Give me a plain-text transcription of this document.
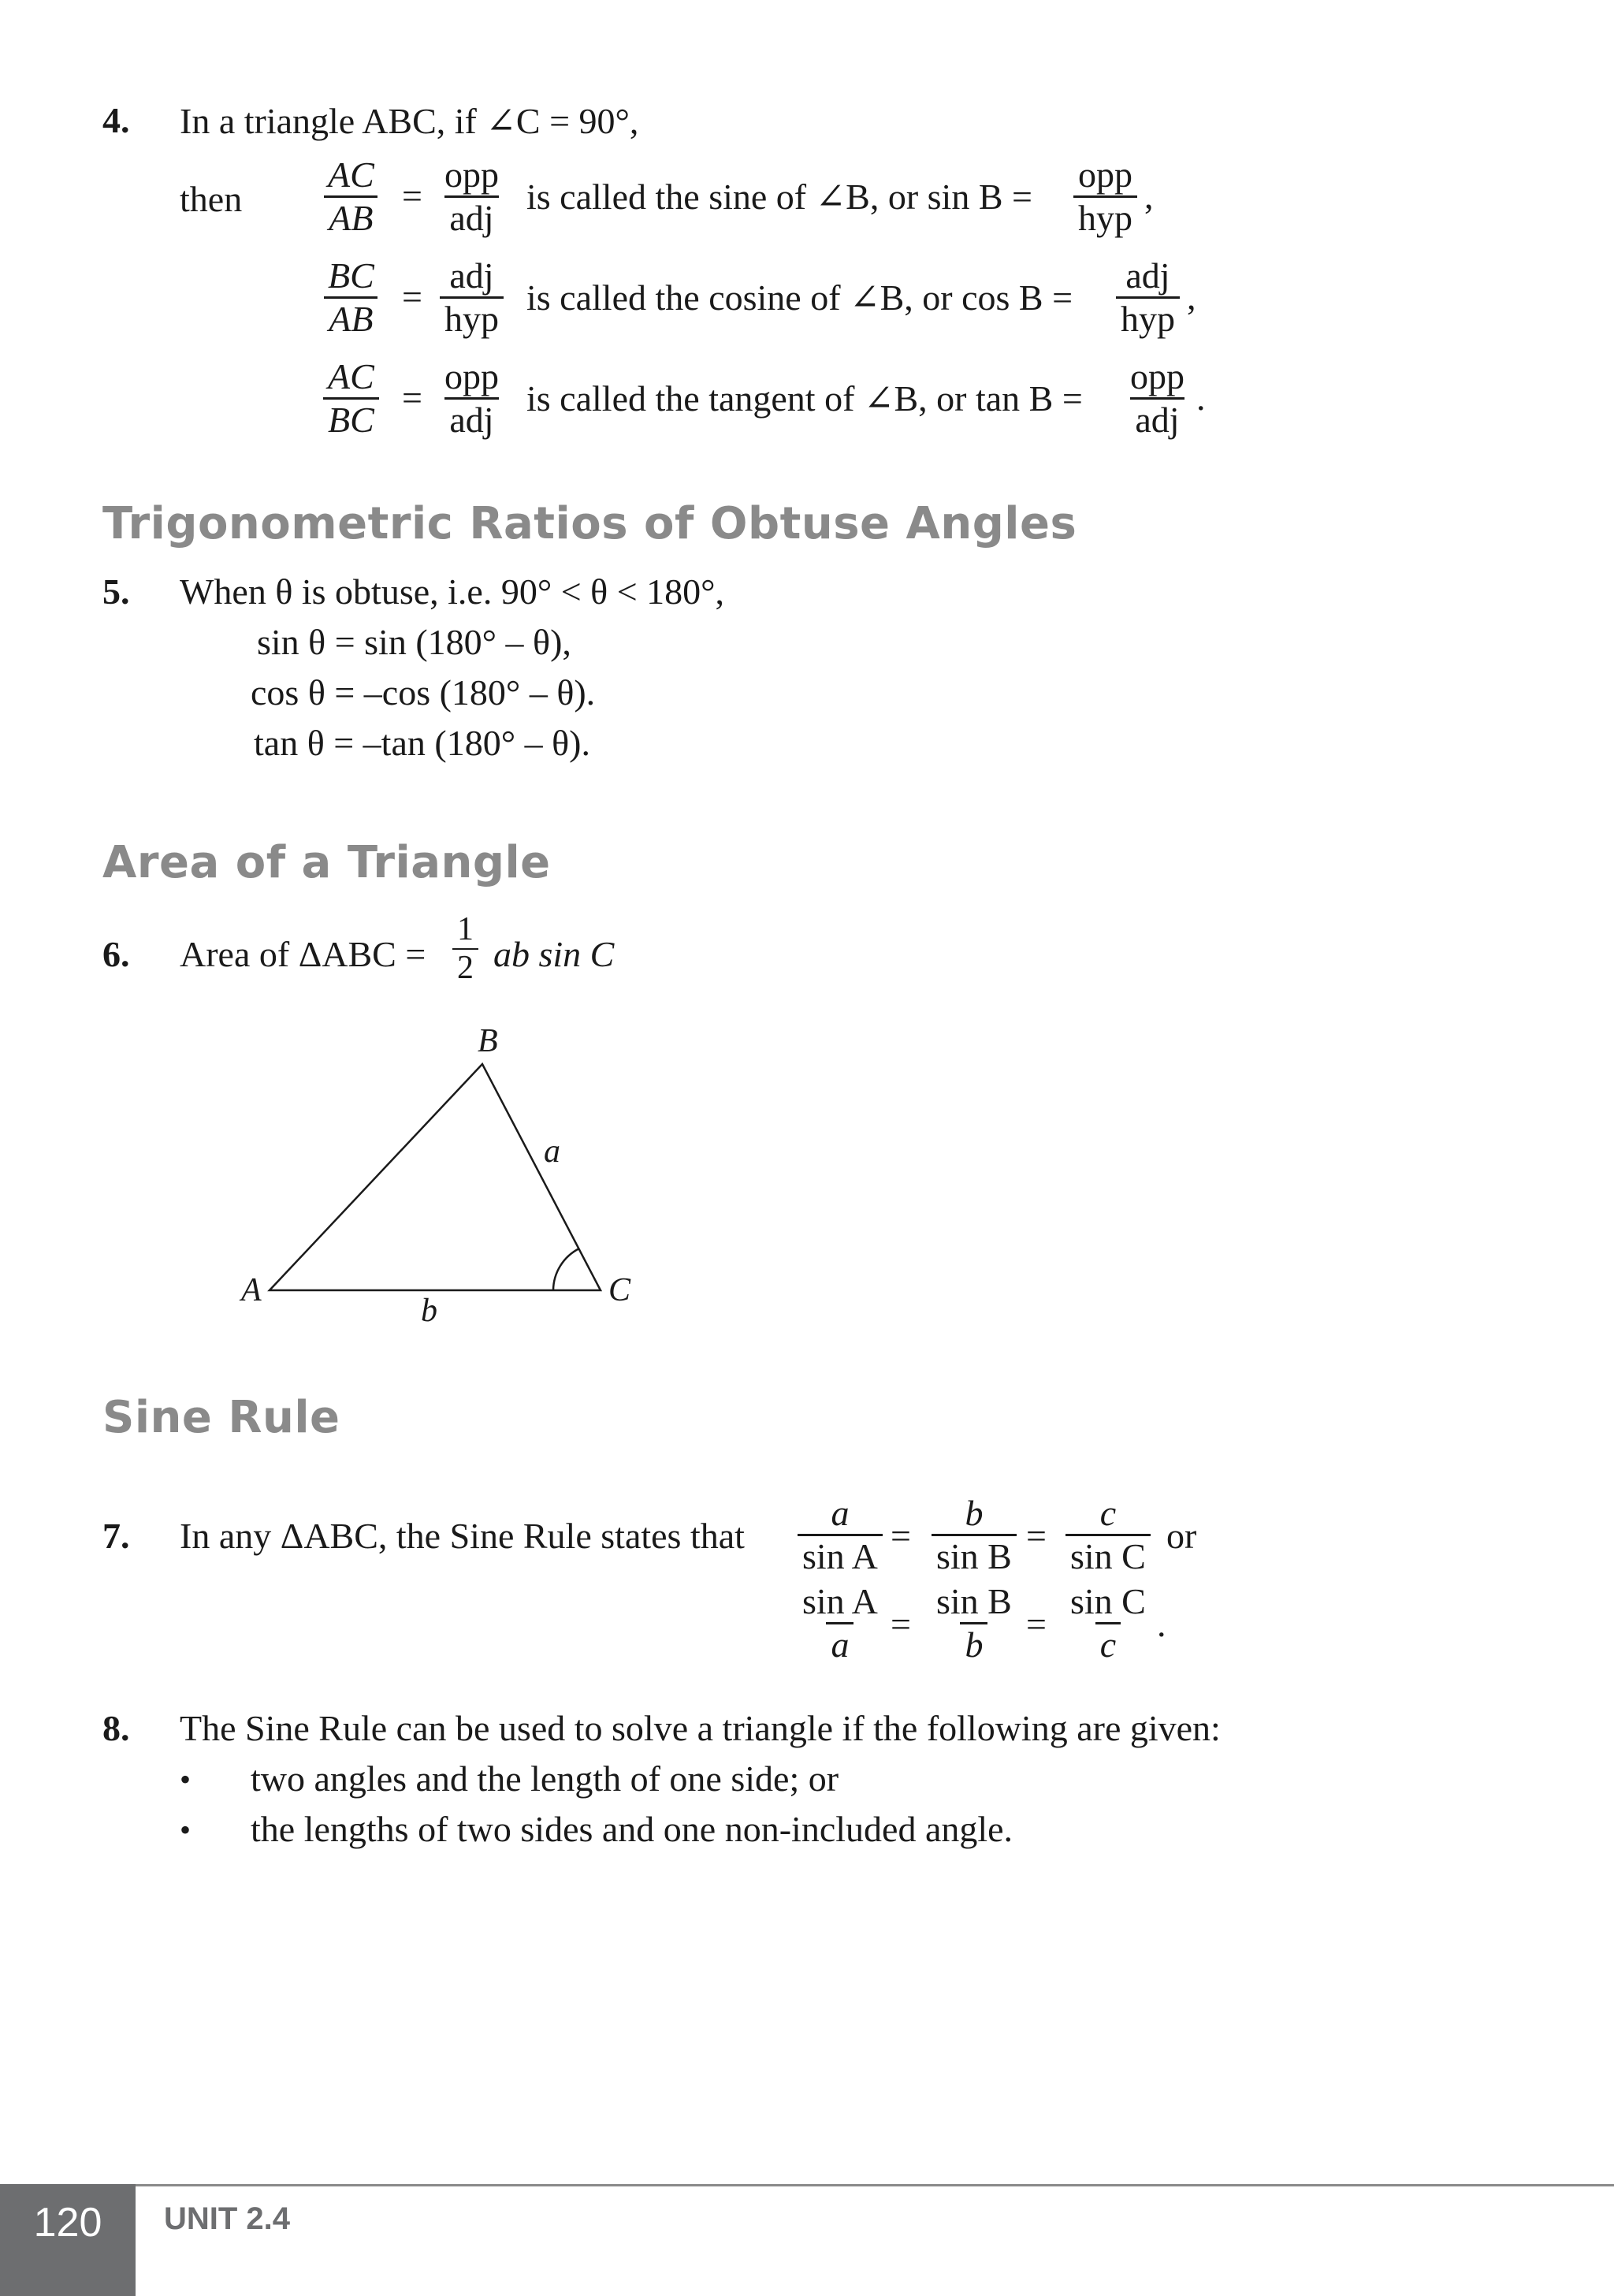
4. In a triangle ABC, if ∠C = 90°,
then $\frac{AC}{AB}$ =
opp
adj
is called the sine of ∠B, or sin B =
opp
hyp
,
$\frac{BC}{AB}$ =
adj
hyp
is called the cosine of ∠B, or cos B =
adj
hyp
,
$\frac{AC}{BC}$ =
opp
adj
is called the tangent of ∠B, or tan B =
opp
adj
.
Trigonometric Ratios of Obtuse Angles
5. When θ is obtuse, i.e. 90° < θ < 180°,
sin θ = sin (180° – θ),
cos θ = –cos (180° – θ).
tan θ = –tan (180° – θ).
Area of a Triangle
6. Area of $\Delta ABC = \frac{1}{2}$ ab sin C
B
A	C
a
b
Sine Rule
7. In any ΔABC, the Sine Rule states that $\frac{a}{\text{sin A}} = \frac{b}{\text{sin B}} = \frac{c}{\text{sin C}}$ or
$\frac{\text{sin A}}{a} = \frac{\text{sin B}}{b} = \frac{\text{sin C}}{c}$ .
8. The Sine Rule can be used to solve a triangle if the following are given:
• two angles and the length of one side; or
• the lengths of two sides and one non-included angle.
120	UNIT 2.4
